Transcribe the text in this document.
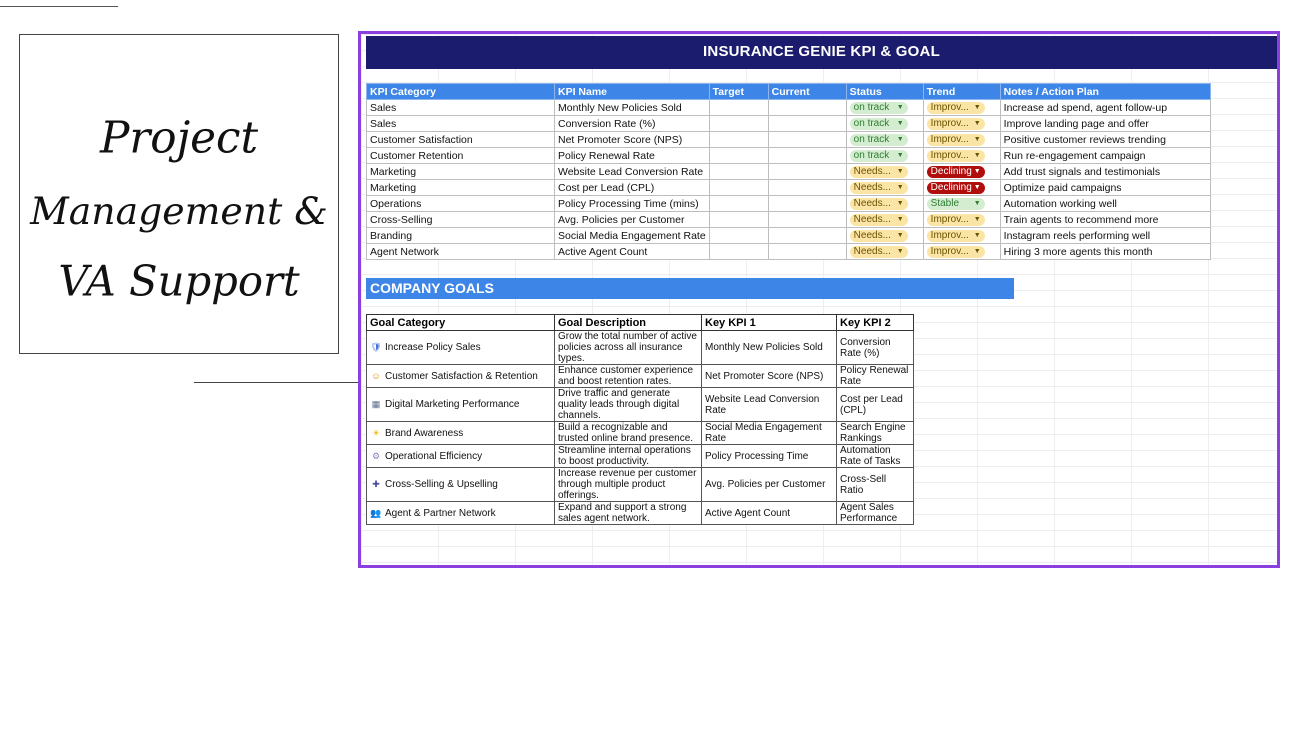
Project
Management &
VA Support
INSURANCE GENIE KPI & GOAL
KPI Category	KPI Name	Target	Current	Status	Trend	Notes / Action Plan
Sales	Monthly New Policies Sold			on track ▼	Improv... ▼	Increase ad spend, agent follow-up
Sales	Conversion Rate (%)			on track ▼	Improv... ▼	Improve landing page and offer
Customer Satisfaction	Net Promoter Score (NPS)			on track ▼	Improv... ▼	Positive customer reviews trending
Customer Retention	Policy Renewal Rate			on track ▼	Improv... ▼	Run re-engagement campaign
Marketing	Website Lead Conversion Rate			Needs... ▼	Declining ▼	Add trust signals and testimonials
Marketing	Cost per Lead (CPL)			Needs... ▼	Declining ▼	Optimize paid campaigns
Operations	Policy Processing Time (mins)			Needs... ▼	Stable ▼	Automation working well
Cross-Selling	Avg. Policies per Customer			Needs... ▼	Improv... ▼	Train agents to recommend more
Branding	Social Media Engagement Rate			Needs... ▼	Improv... ▼	Instagram reels performing well
Agent Network	Active Agent Count			Needs... ▼	Improv... ▼	Hiring 3 more agents this month
COMPANY GOALS
Goal Category	Goal Description	Key KPI 1	Key KPI 2
🛡 Increase Policy Sales	Grow the total number of active policies across all insurance types.	Monthly New Policies Sold	Conversion Rate (%)
☺ Customer Satisfaction & Retention	Enhance customer experience and boost retention rates.	Net Promoter Score (NPS)	Policy Renewal Rate
▦ Digital Marketing Performance	Drive traffic and generate quality leads through digital channels.	Website Lead Conversion Rate	Cost per Lead (CPL)
☀ Brand Awareness	Build a recognizable and trusted online brand presence.	Social Media Engagement Rate	Search Engine Rankings
⚙ Operational Efficiency	Streamline internal operations to boost productivity.	Policy Processing Time	Automation Rate of Tasks
✚ Cross-Selling & Upselling	Increase revenue per customer through multiple product offerings.	Avg. Policies per Customer	Cross-Sell Ratio
👥 Agent & Partner Network	Expand and support a strong sales agent network.	Active Agent Count	Agent Sales Performance
